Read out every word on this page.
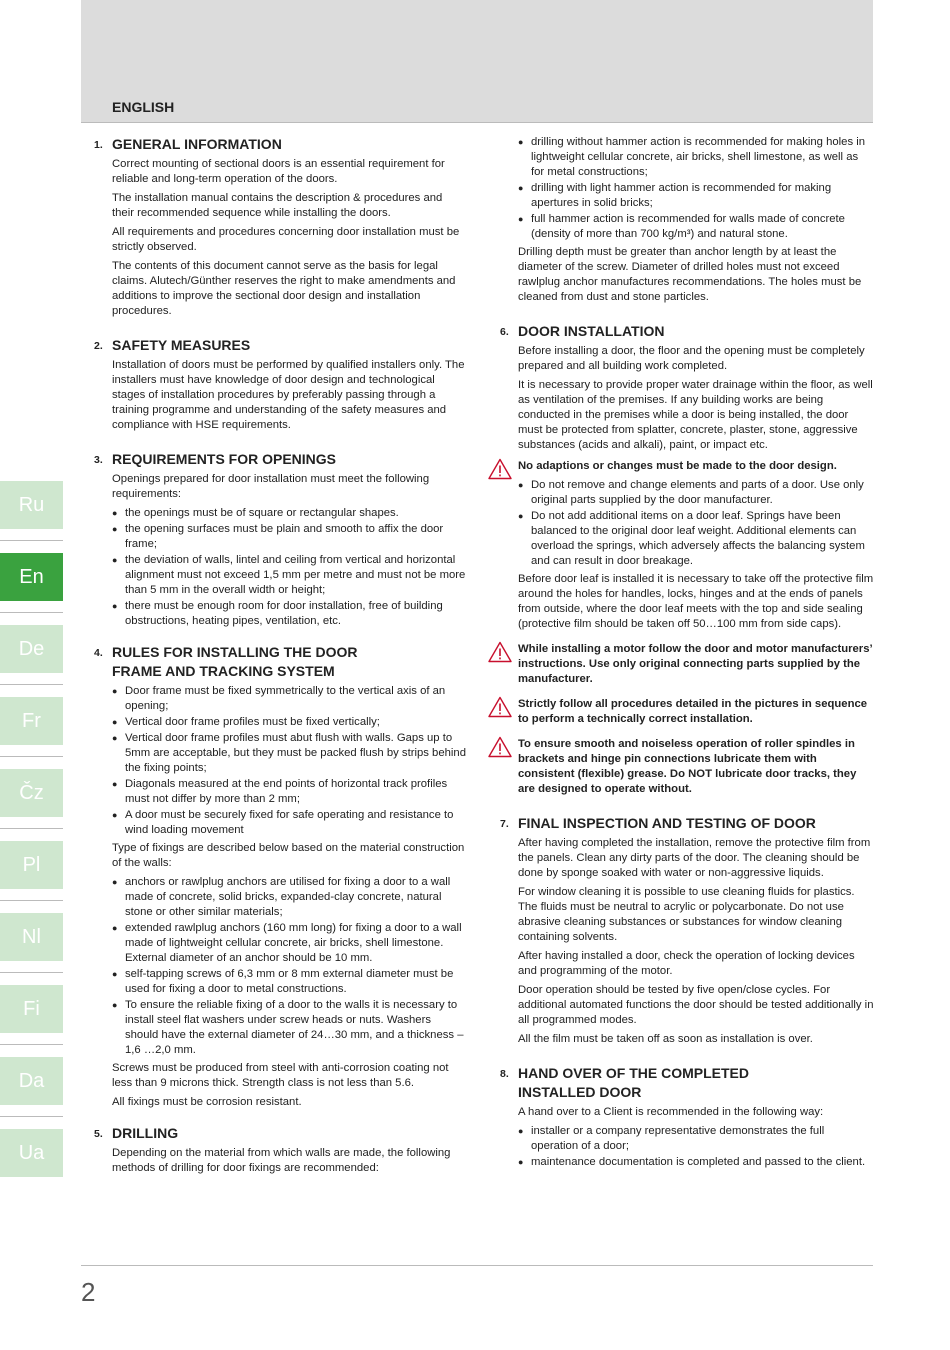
ENGLISH
Ru
En
De
Fr
Čz
Pl
Nl
Fi
Da
Ua
1. GENERAL INFORMATION

Correct mounting of sectional doors is an essential requirement for reliable and long-term operation of the doors.

The installation manual contains the description & procedures and their recommended sequence while installing the doors.

All requirements and procedures concerning door installation must be strictly observed.

The contents of this document cannot serve as the basis for legal claims. Alutech/Günther reserves the right to make amendments and additions to improve the sectional door design and installation procedures.

2. SAFETY MEASURES

Installation of doors must be performed by qualified installers only. The installers must have knowledge of door design and technological stages of installation procedures by preferably passing through a training programme and understanding of the safety measures and compliance with HSE requirements.

3. REQUIREMENTS FOR OPENINGS

Openings prepared for door installation must meet the following requirements:

● the openings must be of square or rectangular shapes.
● the opening surfaces must be plain and smooth to affix the door frame;
● the deviation of walls, lintel and ceiling from vertical and horizontal alignment must not exceed 1,5 mm per metre and must not be more than 5 mm in the overall width or height;
● there must be enough room for door installation, free of building obstructions, heating pipes, ventilation, etc.
4. RULES FOR INSTALLING THE DOOR
FRAME AND TRACKING SYSTEM
● Door frame must be fixed symmetrically to the vertical axis of an opening;
● Vertical door frame profiles must be fixed vertically;
● Vertical door frame profiles must abut flush with walls. Gaps up to 5mm are acceptable, but they must be packed flush by strips behind the fixing points;
● Diagonals measured at the end points of horizontal track profiles must not differ by more than 2 mm;
● A door must be securely fixed for safe operating and resistance to wind loading movement

Type of fixings are described below based on the material construction of the walls:

● anchors or rawlplug anchors are utilised for fixing a door to a wall made of concrete, solid bricks, expanded-clay concrete, natural stone or other similar materials;
● extended rawlplug anchors (160 mm long) for fixing a door to a wall made of lightweight cellular concrete, air bricks, shell limestone. External diameter of an anchor should be 10 mm.
● self-tapping screws of 6,3 mm or 8 mm external diameter must be used for fixing a door to metal constructions.
● To ensure the reliable fixing of a door to the walls it is necessary to install steel flat washers under screw heads or nuts. Washers should have the external diameter of 24…30 mm, and a thickness – 1,6 …2,0 mm.

Screws must be produced from steel with anti-corrosion coating not less than 9 microns thick. Strength class is not less than 5.6.

All fixings must be corrosion resistant.

5. DRILLING

Depending on the material from which walls are made, the following methods of drilling for door fixings are recommended:

● drilling without hammer action is recommended for making holes in lightweight cellular concrete, air bricks, shell limestone, as well as for metal constructions;
● drilling with light hammer action is recommended for making apertures in solid bricks;
● full hammer action is recommended for walls made of concrete (density of more than 700 kg/m³) and natural stone.

Drilling depth must be greater than anchor length by at least the diameter of the screw. Diameter of drilled holes must not exceed rawlplug anchor manufactures recommendations. The holes must be cleaned from dust and stone particles.

6. DOOR INSTALLATION

Before installing a door, the floor and the opening must be completely prepared and all building work completed.

It is necessary to provide proper water drainage within the floor, as well as ventilation of the premises. If any building works are being conducted in the premises while a door is being installed, the door must be protected from splatter, concrete, plaster, stone, aggressive substances (acids and alkali), paint, or impact etc.

No adaptions or changes must be made to the door design.

● Do not remove and change elements and parts of a door. Use only original parts supplied by the door manufacturer.
● Do not add additional items on a door leaf. Springs have been balanced to the original door leaf weight. Additional elements can overload the springs, which adversely affects the balancing system and can result in door breakage.

Before door leaf is installed it is necessary to take off the protective film around the holes for handles, locks, hinges and at the ends of panels from outside, where the door leaf meets with the top and side sealing (protective film should be taken off 50…100 mm from side caps).

While installing a motor follow the door and motor manufacturers’ instructions. Use only original connecting parts supplied by the manufacturer.

Strictly follow all procedures detailed in the pictures in sequence to perform a technically correct installation.

To ensure smooth and noiseless operation of roller spindles in brackets and hinge pin connections lubricate them with consistent (flexible) grease. Do NOT lubricate door tracks, they are designed to operate without.

7. FINAL INSPECTION AND TESTING OF DOOR

After having completed the installation, remove the protective film from the panels. Clean any dirty parts of the door. The cleaning should be done by sponge soaked with water or non-aggressive liquids.

For window cleaning it is possible to use cleaning fluids for plastics. The fluids must be neutral to acrylic or polycarbonate. Do not use abrasive cleaning substances or substances for window cleaning containing solvents.

After having installed a door, check the operation of locking devices and programming of the motor.

Door operation should be tested by five open/close cycles. For additional automated functions the door should be tested additionally in all programmed modes.

All the film must be taken off as soon as installation is over.

8. HAND OVER OF THE COMPLETED
INSTALLED DOOR

A hand over to a Client is recommended in the following way:

● installer or a company representative demonstrates the full operation of a door;
● maintenance documentation is completed and passed to the client.
2
